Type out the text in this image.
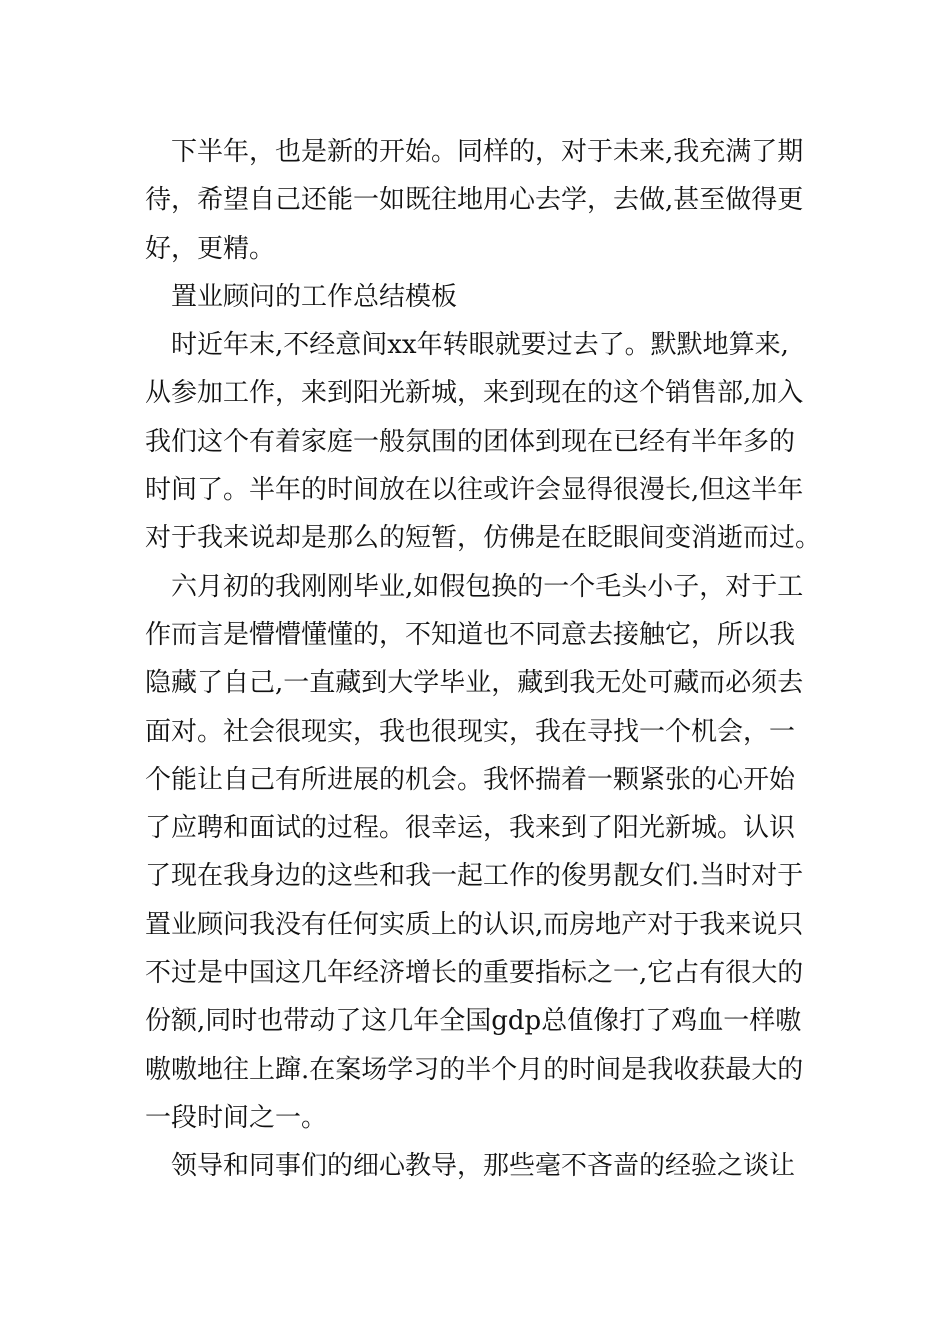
下半年，也是新的开始。同样的，对于未来,我充满了期
待，希望自己还能一如既往地用心去学，去做,甚至做得更
好，更精。
置业顾问的工作总结模板
时近年末,不经意间xx年转眼就要过去了。默默地算来,
从参加工作，来到阳光新城，来到现在的这个销售部,加入
我们这个有着家庭一般氛围的团体到现在已经有半年多的
时间了。半年的时间放在以往或许会显得很漫长,但这半年
对于我来说却是那么的短暂，仿佛是在眨眼间变消逝而过。
六月初的我刚刚毕业,如假包换的一个毛头小子，对于工
作而言是懵懵懂懂的，不知道也不同意去接触它，所以我
隐藏了自己,一直藏到大学毕业，藏到我无处可藏而必须去
面对。社会很现实，我也很现实，我在寻找一个机会，一
个能让自己有所进展的机会。我怀揣着一颗紧张的心开始
了应聘和面试的过程。很幸运，我来到了阳光新城。认识
了现在我身边的这些和我一起工作的俊男靓女们.当时对于
置业顾问我没有任何实质上的认识,而房地产对于我来说只
不过是中国这几年经济增长的重要指标之一,它占有很大的
份额,同时也带动了这几年全国gdp总值像打了鸡血一样嗷
嗷嗷地往上蹿.在案场学习的半个月的时间是我收获最大的
一段时间之一。
领导和同事们的细心教导，那些毫不吝啬的经验之谈让
